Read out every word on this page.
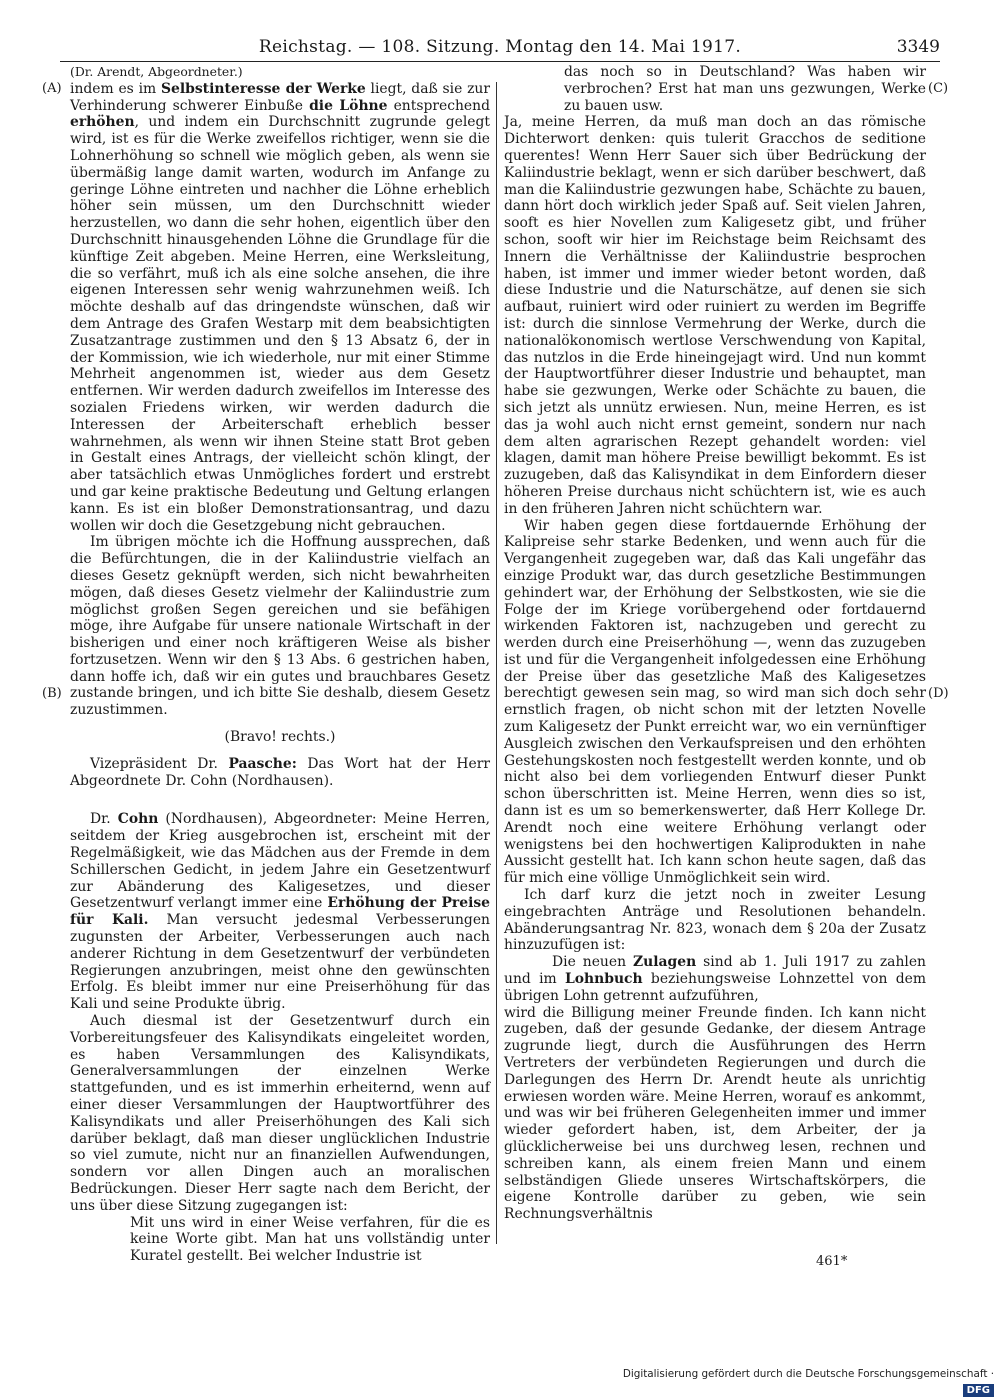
Reichstag. — 108. Sitzung. Montag den 14. Mai 1917.	3349
(A)
(B)
(C)
(D)

(Dr. Arendt, Abgeordneter.)

indem es im Selbstinteresse der Werke liegt, daß sie zur Verhinderung schwerer Einbuße die Löhne entsprechend erhöhen, und indem ein Durchschnitt zugrunde gelegt wird, ist es für die Werke zweifellos richtiger, wenn sie die Lohnerhöhung so schnell wie möglich geben, als wenn sie übermäßig lange damit warten, wodurch im Anfange zu geringe Löhne eintreten und nachher die Löhne erheblich höher sein müssen, um den Durchschnitt wieder herzustellen, wo dann die sehr hohen, eigentlich über den Durchschnitt hinausgehenden Löhne die Grundlage für die künftige Zeit abgeben. Meine Herren, eine Werksleitung, die so verfährt, muß ich als eine solche ansehen, die ihre eigenen Interessen sehr wenig wahrzunehmen weiß. Ich möchte deshalb auf das dringendste wünschen, daß wir dem Antrage des Grafen Westarp mit dem beabsichtigten Zusatzantrage zustimmen und den § 13 Absatz 6, der in der Kommission, wie ich wiederhole, nur mit einer Stimme Mehrheit angenommen ist, wieder aus dem Gesetz entfernen. Wir werden dadurch zweifellos im Interesse des sozialen Friedens wirken, wir werden dadurch die Interessen der Arbeiterschaft erheblich besser wahrnehmen, als wenn wir ihnen Steine statt Brot geben in Gestalt eines Antrags, der vielleicht schön klingt, der aber tatsächlich etwas Unmögliches fordert und erstrebt und gar keine praktische Bedeutung und Geltung erlangen kann. Es ist ein bloßer Demonstrationsantrag, und dazu wollen wir doch die Gesetzgebung nicht gebrauchen.

Im übrigen möchte ich die Hoffnung aussprechen, daß die Befürchtungen, die in der Kaliindustrie vielfach an dieses Gesetz geknüpft werden, sich nicht bewahrheiten mögen, daß dieses Gesetz vielmehr der Kaliindustrie zum möglichst großen Segen gereichen und sie befähigen möge, ihre Aufgabe für unsere nationale Wirtschaft in der bisherigen und einer noch kräftigeren Weise als bisher fortzusetzen. Wenn wir den § 13 Abs. 6 gestrichen haben, dann hoffe ich, daß wir ein gutes und brauchbares Gesetz zustande bringen, und ich bitte Sie deshalb, diesem Gesetz zuzustimmen.

(Bravo! rechts.)

Vizepräsident Dr. Paasche: Das Wort hat der Herr Abgeordnete Dr. Cohn (Nordhausen).

Dr. Cohn (Nordhausen), Abgeordneter: Meine Herren, seitdem der Krieg ausgebrochen ist, erscheint mit der Regelmäßigkeit, wie das Mädchen aus der Fremde in dem Schillerschen Gedicht, in jedem Jahre ein Gesetzentwurf zur Abänderung des Kaligesetzes, und dieser Gesetzentwurf verlangt immer eine Erhöhung der Preise für Kali. Man versucht jedesmal Verbesserungen zugunsten der Arbeiter, Verbesserungen auch nach anderer Richtung in dem Gesetzentwurf der verbündeten Regierungen anzubringen, meist ohne den gewünschten Erfolg. Es bleibt immer nur eine Preiserhöhung für das Kali und seine Produkte übrig.

Auch diesmal ist der Gesetzentwurf durch ein Vorbereitungsfeuer des Kalisyndikats eingeleitet worden, es haben Versammlungen des Kalisyndikats, Generalversammlungen der einzelnen Werke stattgefunden, und es ist immerhin erheiternd, wenn auf einer dieser Versammlungen der Hauptwortführer des Kalisyndikats und aller Preiserhöhungen des Kali sich darüber beklagt, daß man dieser unglücklichen Industrie so viel zumute, nicht nur an finanziellen Aufwendungen, sondern vor allen Dingen auch an moralischen Bedrückungen. Dieser Herr sagte nach dem Bericht, der uns über diese Sitzung zugegangen ist:

Mit uns wird in einer Weise verfahren, für die es keine Worte gibt. Man hat uns vollständig unter Kuratel gestellt. Bei welcher Industrie ist

das noch so in Deutschland? Was haben wir verbrochen? Erst hat man uns gezwungen, Werke zu bauen usw.

Ja, meine Herren, da muß man doch an das römische Dichterwort denken: quis tulerit Gracchos de seditione querentes! Wenn Herr Sauer sich über Bedrückung der Kaliindustrie beklagt, wenn er sich darüber beschwert, daß man die Kaliindustrie gezwungen habe, Schächte zu bauen, dann hört doch wirklich jeder Spaß auf. Seit vielen Jahren, sooft es hier Novellen zum Kaligesetz gibt, und früher schon, sooft wir hier im Reichstage beim Reichsamt des Innern die Verhältnisse der Kaliindustrie besprochen haben, ist immer und immer wieder betont worden, daß diese Industrie und die Naturschätze, auf denen sie sich aufbaut, ruiniert wird oder ruiniert zu werden im Begriffe ist: durch die sinnlose Vermehrung der Werke, durch die nationalökonomisch wertlose Verschwendung von Kapital, das nutzlos in die Erde hineingejagt wird. Und nun kommt der Hauptwortführer dieser Industrie und behauptet, man habe sie gezwungen, Werke oder Schächte zu bauen, die sich jetzt als unnütz erwiesen. Nun, meine Herren, es ist das ja wohl auch nicht ernst gemeint, sondern nur nach dem alten agrarischen Rezept gehandelt worden: viel klagen, damit man höhere Preise bewilligt bekommt. Es ist zuzugeben, daß das Kalisyndikat in dem Einfordern dieser höheren Preise durchaus nicht schüchtern ist, wie es auch in den früheren Jahren nicht schüchtern war.

Wir haben gegen diese fortdauernde Erhöhung der Kalipreise sehr starke Bedenken, und wenn auch für die Vergangenheit zugegeben war, daß das Kali ungefähr das einzige Produkt war, das durch gesetzliche Bestimmungen gehindert war, der Erhöhung der Selbstkosten, wie sie die Folge der im Kriege vorübergehend oder fortdauernd wirkenden Faktoren ist, nachzugeben und gerecht zu werden durch eine Preiserhöhung —, wenn das zuzugeben ist und für die Vergangenheit infolgedessen eine Erhöhung der Preise über das gesetzliche Maß des Kaligesetzes berechtigt gewesen sein mag, so wird man sich doch sehr ernstlich fragen, ob nicht schon mit der letzten Novelle zum Kaligesetz der Punkt erreicht war, wo ein vernünftiger Ausgleich zwischen den Verkaufspreisen und den erhöhten Gestehungskosten noch festgestellt werden konnte, und ob nicht also bei dem vorliegenden Entwurf dieser Punkt schon überschritten ist. Meine Herren, wenn dies so ist, dann ist es um so bemerkenswerter, daß Herr Kollege Dr. Arendt noch eine weitere Erhöhung verlangt oder wenigstens bei den hochwertigen Kaliprodukten in nahe Aussicht gestellt hat. Ich kann schon heute sagen, daß das für mich eine völlige Unmöglichkeit sein wird.

Ich darf kurz die jetzt noch in zweiter Lesung eingebrachten Anträge und Resolutionen behandeln. Abänderungsantrag Nr. 823, wonach dem § 20a der Zusatz hinzuzufügen ist:

Die neuen Zulagen sind ab 1. Juli 1917 zu zahlen und im Lohnbuch beziehungsweise Lohnzettel von dem übrigen Lohn getrennt aufzuführen,

wird die Billigung meiner Freunde finden. Ich kann nicht zugeben, daß der gesunde Gedanke, der diesem Antrage zugrunde liegt, durch die Ausführungen des Herrn Vertreters der verbündeten Regierungen und durch die Darlegungen des Herrn Dr. Arendt heute als unrichtig erwiesen worden wäre. Meine Herren, worauf es ankommt, und was wir bei früheren Gelegenheiten immer und immer wieder gefordert haben, ist, dem Arbeiter, der ja glücklicherweise bei uns durchweg lesen, rechnen und schreiben kann, als einem freien Mann und einem selbständigen Gliede unseres Wirtschaftskörpers, die eigene Kontrolle darüber zu geben, wie sein Rechnungsverhältnis

461*
Digitalisierung gefördert durch die Deutsche Forschungsgemeinschaft ·DFG
